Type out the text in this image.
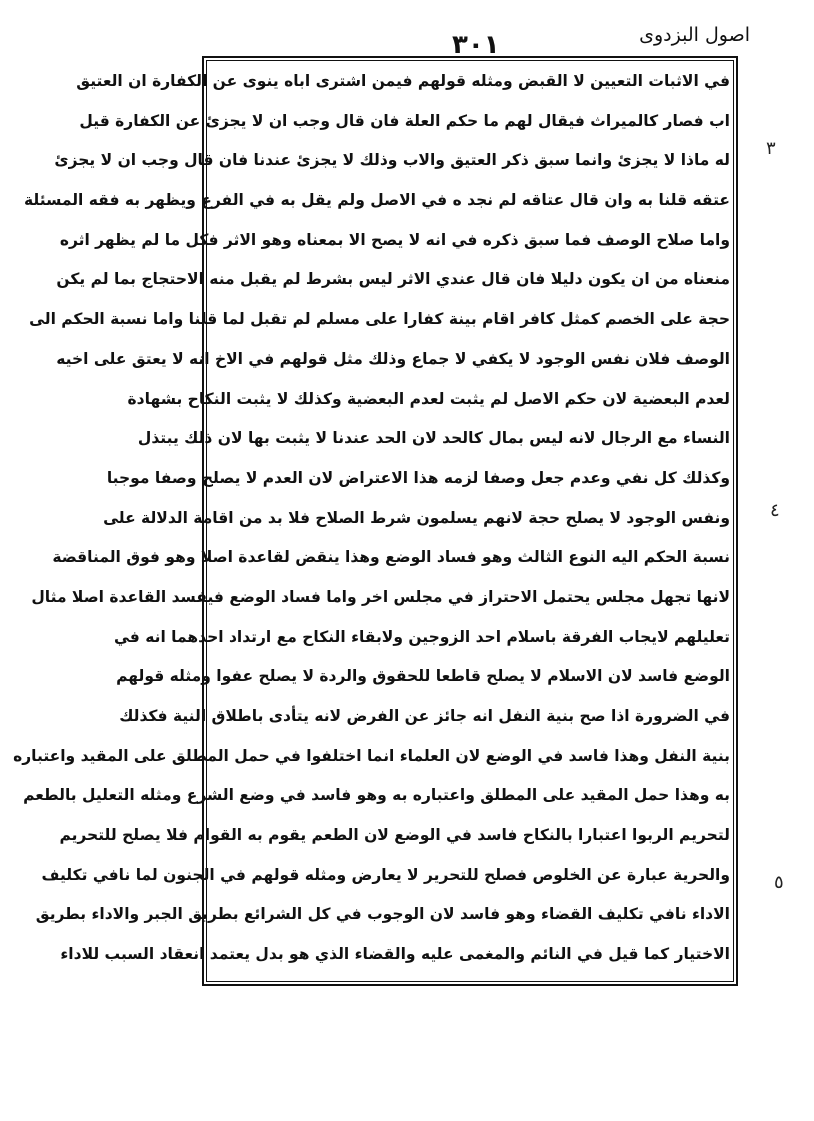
اصول البزدوی
٣٠١
في الاثبات التعيين لا القبض ومثله قولهم فيمن اشترى اباه ينوى عن الكفارة ان العتيق
اب فصار كالميراث فيقال لهم ما حكم العلة فان قال وجب ان لا يجزئ عن الكفارة قيل
له ماذا لا يجزئ وانما سبق ذكر العتيق والاب وذلك لا يجزئ عندنا فان قال وجب ان لا يجزئ
عتقه قلنا به وان قال عتاقه لم نجد ه في الاصل ولم يقل به في الفرع ويظهر به فقه المسئلة
واما صلاح الوصف فما سبق ذكره في انه لا يصح الا بمعناه وهو الاثر فكل ما لم يظهر اثره
منعناه من ان يكون دليلا فان قال عندي الاثر ليس بشرط لم يقبل منه الاحتجاج بما لم يكن
حجة على الخصم كمثل كافر اقام بينة كفارا على مسلم لم تقبل لما قلنا واما نسبة الحكم الى
الوصف فلان نفس الوجود لا يكفي لا جماع وذلك مثل قولهم في الاخ انه لا يعتق على اخيه
لعدم البعضية لان حكم الاصل لم يثبت لعدم البعضية وكذلك لا يثبت النكاح بشهادة
النساء مع الرجال لانه ليس بمال كالحد لان الحد عندنا لا يثبت بها لان ذلك يبتذل
وكذلك كل نفي وعدم جعل وصفا لزمه هذا الاعتراض لان العدم لا يصلح وصفا موجبا
ونفس الوجود لا يصلح حجة لانهم يسلمون شرط الصلاح فلا بد من اقامة الدلالة على
نسبة الحكم اليه النوع الثالث وهو فساد الوضع وهذا ينقض لقاعدة اصلا وهو فوق المناقضة
لانها تجهل مجلس يحتمل الاحتراز في مجلس اخر واما فساد الوضع فيفسد القاعدة اصلا مثال
تعليلهم لايجاب الفرقة باسلام احد الزوجين ولابقاء النكاح مع ارتداد احدهما انه في
الوضع فاسد لان الاسلام لا يصلح قاطعا للحقوق والردة لا يصلح عفوا ومثله قولهم
في الضرورة اذا صح بنية النفل انه جائز عن الفرض لانه يتأدى باطلاق النية فكذلك
بنية النفل وهذا فاسد في الوضع لان العلماء انما اختلفوا في حمل المطلق على المقيد واعتباره
به وهذا حمل المقيد على المطلق واعتباره به وهو فاسد في وضع الشرع ومثله التعليل بالطعم
لتحريم الربوا اعتبارا بالنكاح فاسد في الوضع لان الطعم يقوم به القوام فلا يصلح للتحريم
والحرية عبارة عن الخلوص فصلح للتحرير لا يعارض ومثله قولهم في الجنون لما نافي تكليف
الاداء نافي تكليف القضاء وهو فاسد لان الوجوب في كل الشرائع بطريق الجبر والاداء بطريق
الاختيار كما قيل في النائم والمغمى عليه والقضاء الذي هو بدل يعتمد انعقاد السبب للاداء
٣
٤
٥
